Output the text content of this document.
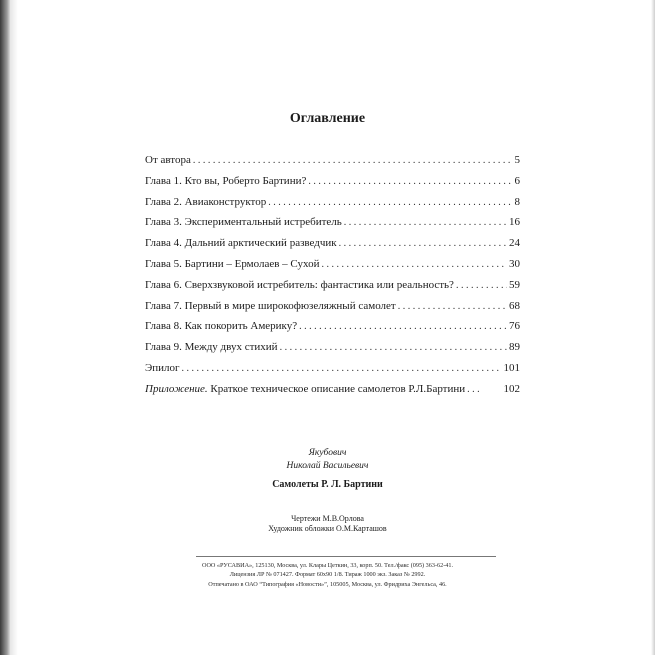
Оглавление
От автора . . .	5
Глава 1. Кто вы, Роберто Бартини? . . .	6
Глава 2. Авиаконструктор . . .	8
Глава 3. Экспериментальный истребитель . . .	16
Глава 4. Дальний арктический разведчик . . .	24
Глава 5. Бартини – Ермолаев – Сухой . . .	30
Глава 6. Сверхзвуковой истребитель: фантастика или реальность? . . .	59
Глава 7. Первый в мире широкофюзеляжный самолет . . .	68
Глава 8. Как покорить Америку? . . .	76
Глава 9. Между двух стихий . . .	89
Эпилог . . .	101
Приложение. Краткое техническое описание самолетов Р.Л.Бартини . . .	102
Якубович
Николай Васильевич
Самолеты Р. Л. Бартини
Чертежи М.В.Орлова
Художник обложки О.М.Карташов
ООО «РУСАВИА», 125130, Москва, ул. Клары Цеткин, 33, корп. 50. Тел./факс (095) 363-62-41.
Лицензия ЛР № 071427. Формат 60х90 1/8. Тираж 1000 экз. Заказ № 2992.
Отпечатано в ОАО “Типография «Новости»”, 105005, Москва, ул. Фридриха Энгельса, 46.
